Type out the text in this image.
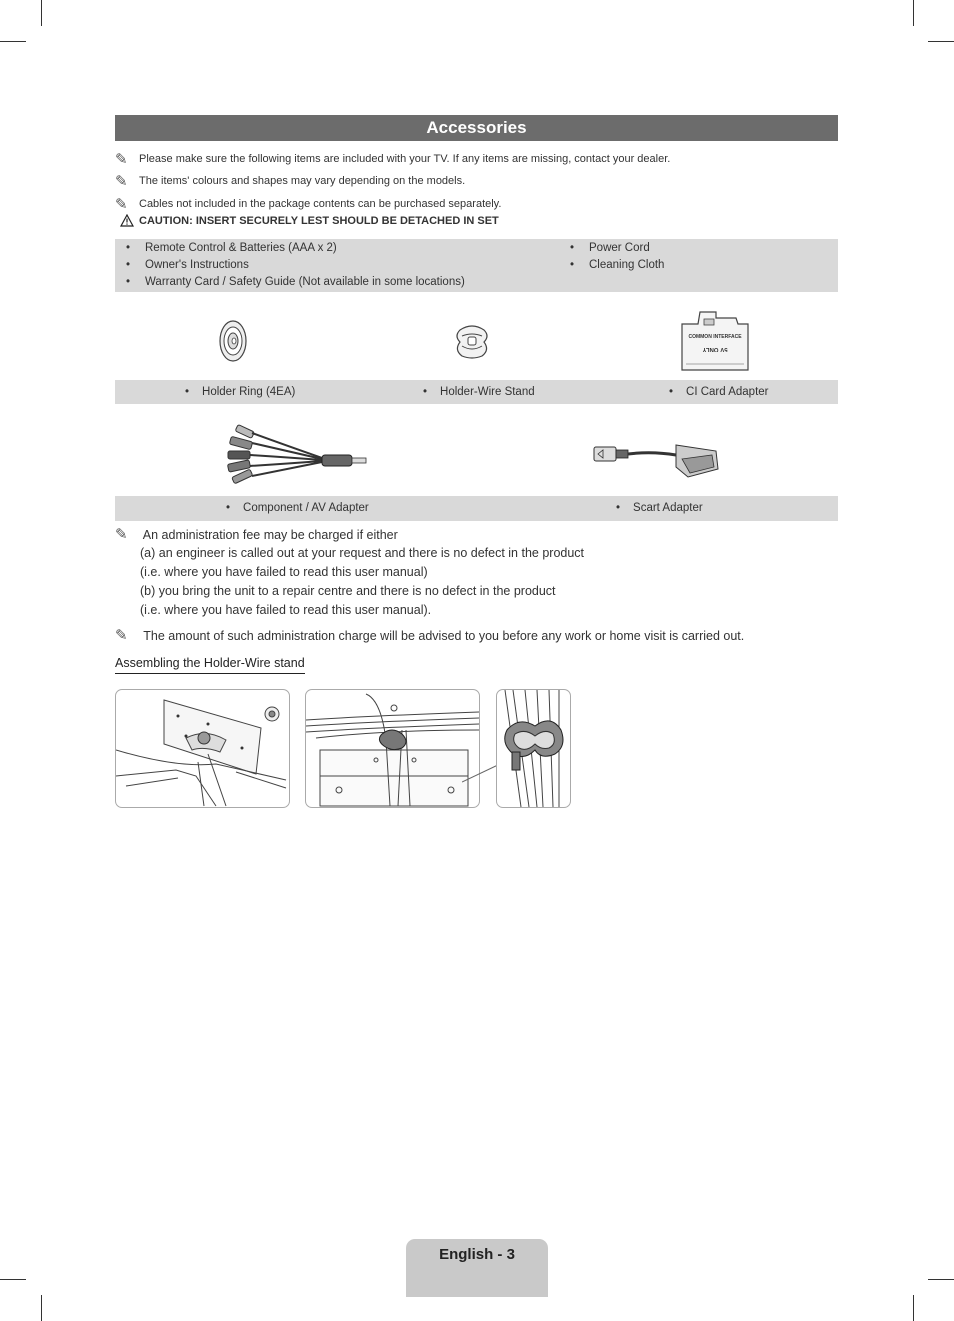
Accessories
✎	Please make sure the following items are included with your TV. If any items are missing, contact your dealer.
✎	The items' colours and shapes may vary depending on the models.
✎	Cables not included in the package contents can be purchased separately.
CAUTION: INSERT SECURELY LEST SHOULD BE DETACHED IN SET
• Remote Control & Batteries (AAA x 2)
• Owner's Instructions
• Warranty Card / Safety Guide (Not available in some locations)
• Power Cord
• Cleaning Cloth
COMMON INTERFACE
5V ONLY
• Holder Ring (4EA)	• Holder-Wire Stand	• CI Card Adapter
• Component / AV Adapter	• Scart Adapter
✎ An administration fee may be charged if either
(a) an engineer is called out at your request and there is no defect in the product
(i.e. where you have failed to read this user manual)
(b) you bring the unit to a repair centre and there is no defect in the product
(i.e. where you have failed to read this user manual).
✎ The amount of such administration charge will be advised to you before any work or home visit is carried out.
Assembling the Holder-Wire stand
English - 3
